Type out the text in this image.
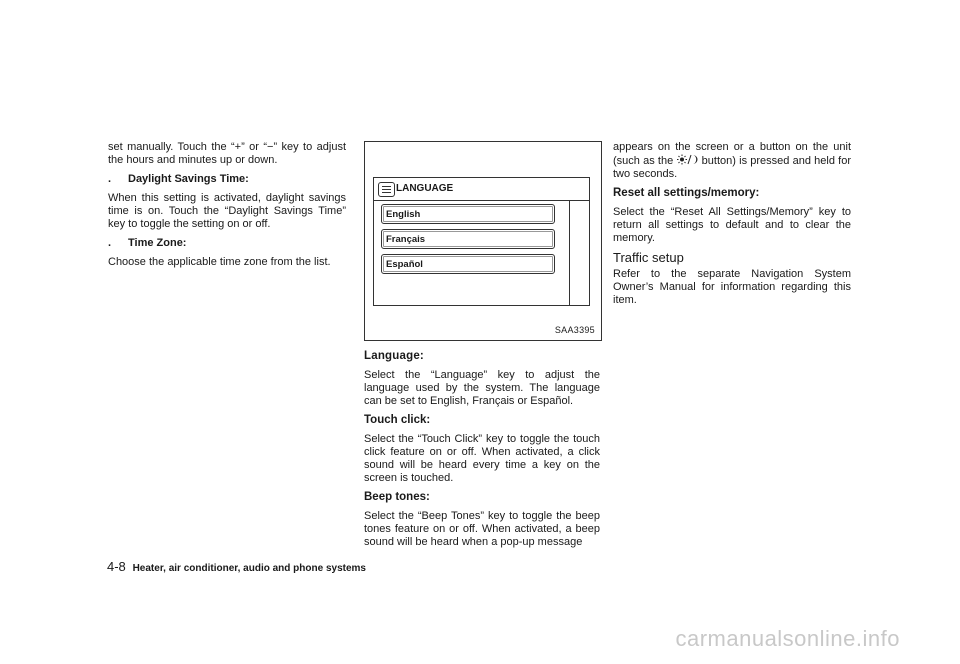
set manually. Touch the “+” or “−” key to adjust the hours and minutes up or down.

. Daylight Savings Time:

When this setting is activated, daylight savings time is on. Touch the “Daylight Savings Time” key to toggle the setting on or off.

. Time Zone:

Choose the applicable time zone from the list.

LANGUAGE
English
Français
Español
SAA3395
Language:

Select the “Language” key to adjust the language used by the system. The language can be set to English, Français or Español.

Touch click:

Select the “Touch Click” key to toggle the touch click feature on or off. When activated, a click sound will be heard every time a key on the screen is touched.

Beep tones:

Select the “Beep Tones” key to toggle the beep tones feature on or off. When activated, a beep sound will be heard when a pop-up message

appears on the screen or a button on the unit (such as the	button) is pressed and held for two seconds.

Reset all settings/memory:

Select the “Reset All Settings/Memory” key to return all settings to default and to clear the memory.

Traffic setup

Refer to the separate Navigation System Owner’s Manual for information regarding this item.

4-8 Heater, air conditioner, audio and phone systems
carmanualsonline.info
